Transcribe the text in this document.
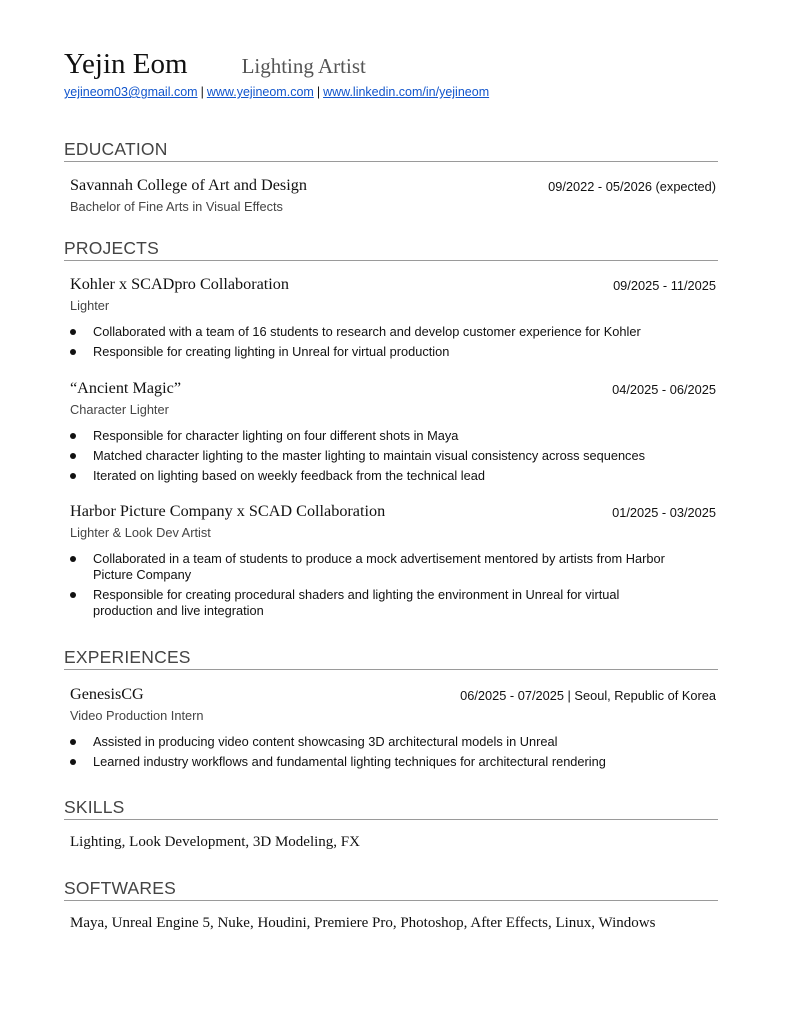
Yejin Eom	Lighting Artist
yejineom03@gmail.com | www.yejineom.com | www.linkedin.com/in/yejineom
EDUCATION
Savannah College of Art and Design	09/2022 - 05/2026 (expected)
Bachelor of Fine Arts in Visual Effects
PROJECTS
Kohler x SCADpro Collaboration	09/2025 - 11/2025
Lighter
Collaborated with a team of 16 students to research and develop customer experience for Kohler
Responsible for creating lighting in Unreal for virtual production
“Ancient Magic”	04/2025 - 06/2025
Character Lighter
Responsible for character lighting on four different shots in Maya
Matched character lighting to the master lighting to maintain visual consistency across sequences
Iterated on lighting based on weekly feedback from the technical lead
Harbor Picture Company x SCAD Collaboration	01/2025 - 03/2025
Lighter & Look Dev Artist
Collaborated in a team of students to produce a mock advertisement mentored by artists from Harbor Picture Company
Responsible for creating procedural shaders and lighting the environment in Unreal for virtual production and live integration
EXPERIENCES
GenesisCG	06/2025 - 07/2025 | Seoul, Republic of Korea
Video Production Intern
Assisted in producing video content showcasing 3D architectural models in Unreal
Learned industry workflows and fundamental lighting techniques for architectural rendering
SKILLS
Lighting, Look Development, 3D Modeling, FX
SOFTWARES
Maya, Unreal Engine 5, Nuke, Houdini, Premiere Pro, Photoshop, After Effects, Linux, Windows
